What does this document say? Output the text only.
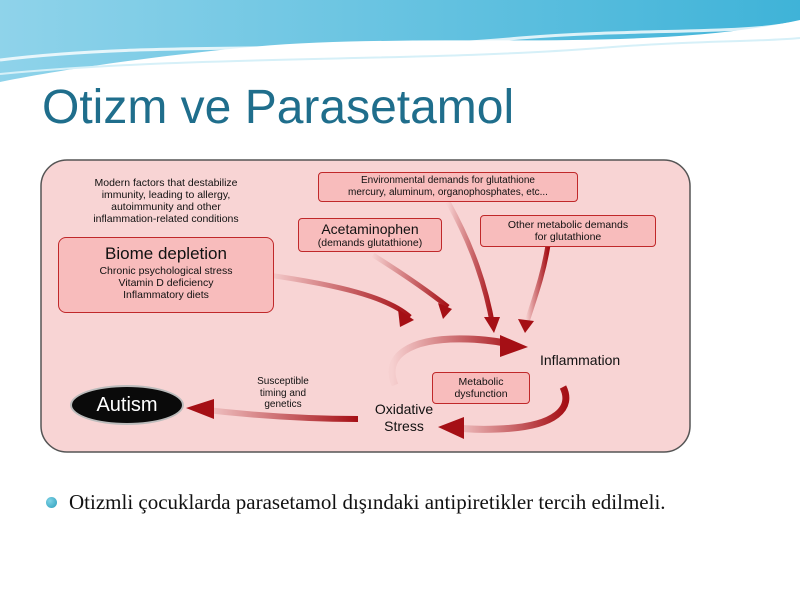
Otizm ve Parasetamol
Modern factors that destabilize
immunity, leading to allergy,
autoimmunity and other
inflammation-related conditions
Biome depletion
Chronic psychological stress
Vitamin D deficiency
Inflammatory diets
Acetaminophen
(demands glutathione)
Environmental demands for glutathione
mercury, aluminum, organophosphates, etc...
Other metabolic demands
for glutathione
Inflammation
Metabolic
dysfunction
Oxidative
Stress
Susceptible
timing and
genetics
Autism
Otizmli çocuklarda parasetamol dışındaki antipiretikler tercih edilmeli.
